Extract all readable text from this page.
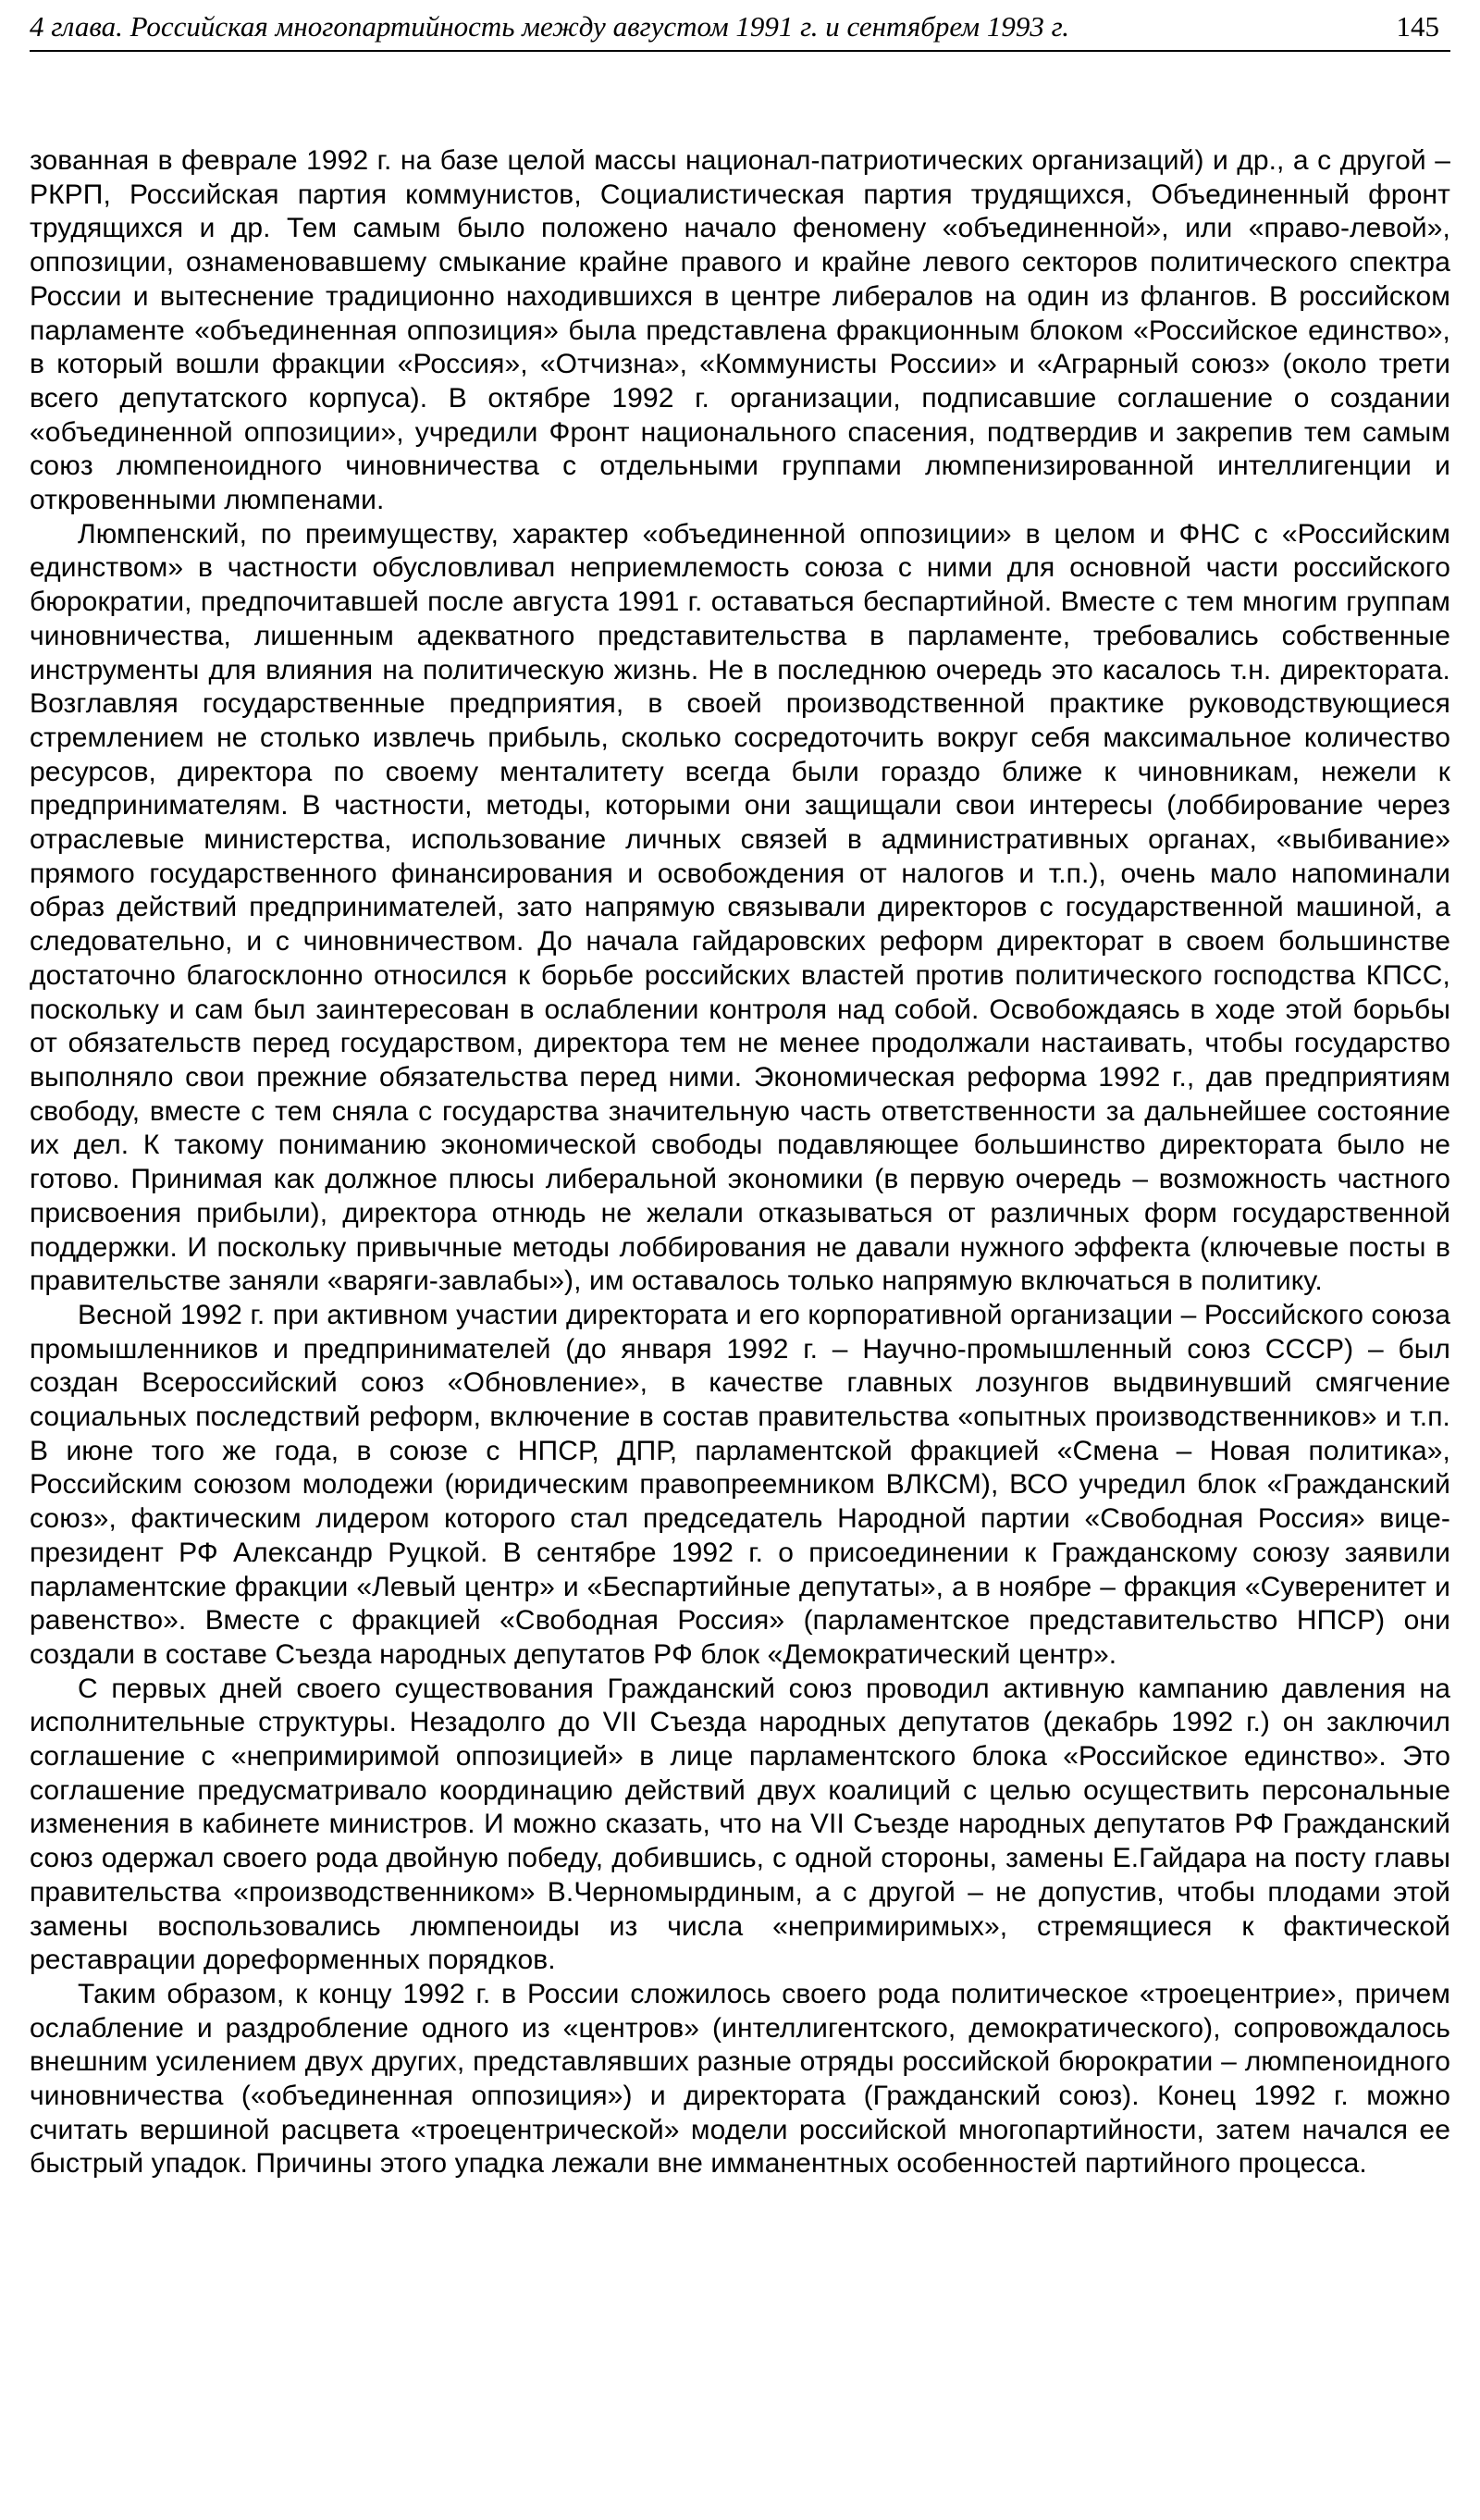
4 глава. Российская многопартийность между августом 1991 г. и сентябрем 1993 г.	145

зованная в феврале 1992 г. на базе целой массы национал-патриотических организаций) и др., а с другой – РКРП, Российская партия коммунистов, Социалистическая партия трудящихся, Объединенный фронт трудящихся и др. Тем самым было положено начало феномену «объединенной», или «право-левой», оппозиции, ознаменовавшему смыкание крайне правого и крайне левого секторов политического спектра России и вытеснение традиционно находившихся в центре либералов на один из флангов. В российском парламенте «объединенная оппозиция» была представлена фракционным блоком «Российское единство», в который вошли фракции «Россия», «Отчизна», «Коммунисты России» и «Аграрный союз» (около трети всего депутатского корпуса). В октябре 1992 г. организации, подписавшие соглашение о создании «объединенной оппозиции», учредили Фронт национального спасения, подтвердив и закрепив тем самым союз люмпеноидного чиновничества с отдельными группами люмпенизированной интеллигенции и откровенными люмпенами.

Люмпенский, по преимуществу, характер «объединенной оппозиции» в целом и ФНС с «Российским единством» в частности обусловливал неприемлемость союза с ними для основной части российского бюрократии, предпочитавшей после августа 1991 г. оставаться беспартийной. Вместе с тем многим группам чиновничества, лишенным адекватного представительства в парламенте, требовались собственные инструменты для влияния на политическую жизнь. Не в последнюю очередь это касалось т.н. директората. Возглавляя государственные предприятия, в своей производственной практике руководствующиеся стремлением не столько извлечь прибыль, сколько сосредоточить вокруг себя максимальное количество ресурсов, директора по своему менталитету всегда были гораздо ближе к чиновникам, нежели к предпринимателям. В частности, методы, которыми они защищали свои интересы (лоббирование через отраслевые министерства, использование личных связей в административных органах, «выбивание» прямого государственного финансирования и освобождения от налогов и т.п.), очень мало напоминали образ действий предпринимателей, зато напрямую связывали директоров с государственной машиной, а следовательно, и с чиновничеством. До начала гайдаровских реформ директорат в своем большинстве достаточно благосклонно относился к борьбе российских властей против политического господства КПСС, поскольку и сам был заинтересован в ослаблении контроля над собой. Освобождаясь в ходе этой борьбы от обязательств перед государством, директора тем не менее продолжали настаивать, чтобы государство выполняло свои прежние обязательства перед ними. Экономическая реформа 1992 г., дав предприятиям свободу, вместе с тем сняла с государства значительную часть ответственности за дальнейшее состояние их дел. К такому пониманию экономической свободы подавляющее большинство директората было не готово. Принимая как должное плюсы либеральной экономики (в первую очередь – возможность частного присвоения прибыли), директора отнюдь не желали отказываться от различных форм государственной поддержки. И поскольку привычные методы лоббирования не давали нужного эффекта (ключевые посты в правительстве заняли «варяги-завлабы»), им оставалось только напрямую включаться в политику.

Весной 1992 г. при активном участии директората и его корпоративной организации – Российского союза промышленников и предпринимателей (до января 1992 г. – Научно-промышленный союз СССР) – был создан Всероссийский союз «Обновление», в качестве главных лозунгов выдвинувший смягчение социальных последствий реформ, включение в состав правительства «опытных производственников» и т.п. В июне того же года, в союзе с НПСР, ДПР, парламентской фракцией «Смена – Новая политика», Российским союзом молодежи (юридическим правопреемником ВЛКСМ), ВСО учредил блок «Гражданский союз», фактическим лидером которого стал председатель Народной партии «Свободная Россия» вице-президент РФ Александр Руцкой. В сентябре 1992 г. о присоединении к Гражданскому союзу заявили парламентские фракции «Левый центр» и «Беспартийные депутаты», а в ноябре – фракция «Суверенитет и равенство». Вместе с фракцией «Свободная Россия» (парламентское представительство НПСР) они создали в составе Съезда народных депутатов РФ блок «Демократический центр».

С первых дней своего существования Гражданский союз проводил активную кампанию давления на исполнительные структуры. Незадолго до VII Съезда народных депутатов (декабрь 1992 г.) он заключил соглашение с «непримиримой оппозицией» в лице парламентского блока «Российское единство». Это соглашение предусматривало координацию действий двух коалиций с целью осуществить персональные изменения в кабинете министров. И можно сказать, что на VII Съезде народных депутатов РФ Гражданский союз одержал своего рода двойную победу, добившись, с одной стороны, замены Е.Гайдара на посту главы правительства «производственником» В.Черномырдиным, а с другой – не допустив, чтобы плодами этой замены воспользовались люмпеноиды из числа «непримиримых», стремящиеся к фактической реставрации дореформенных порядков.

Таким образом, к концу 1992 г. в России сложилось своего рода политическое «троецентрие», причем ослабление и раздробление одного из «центров» (интеллигентского, демократического), сопровождалось внешним усилением двух других, представлявших разные отряды российской бюрократии – люмпеноидного чиновничества («объединенная оппозиция») и директората (Гражданский союз). Конец 1992 г. можно считать вершиной расцвета «троецентрической» модели российской многопартийности, затем начался ее быстрый упадок. Причины этого упадка лежали вне имманентных особенностей партийного процесса.
